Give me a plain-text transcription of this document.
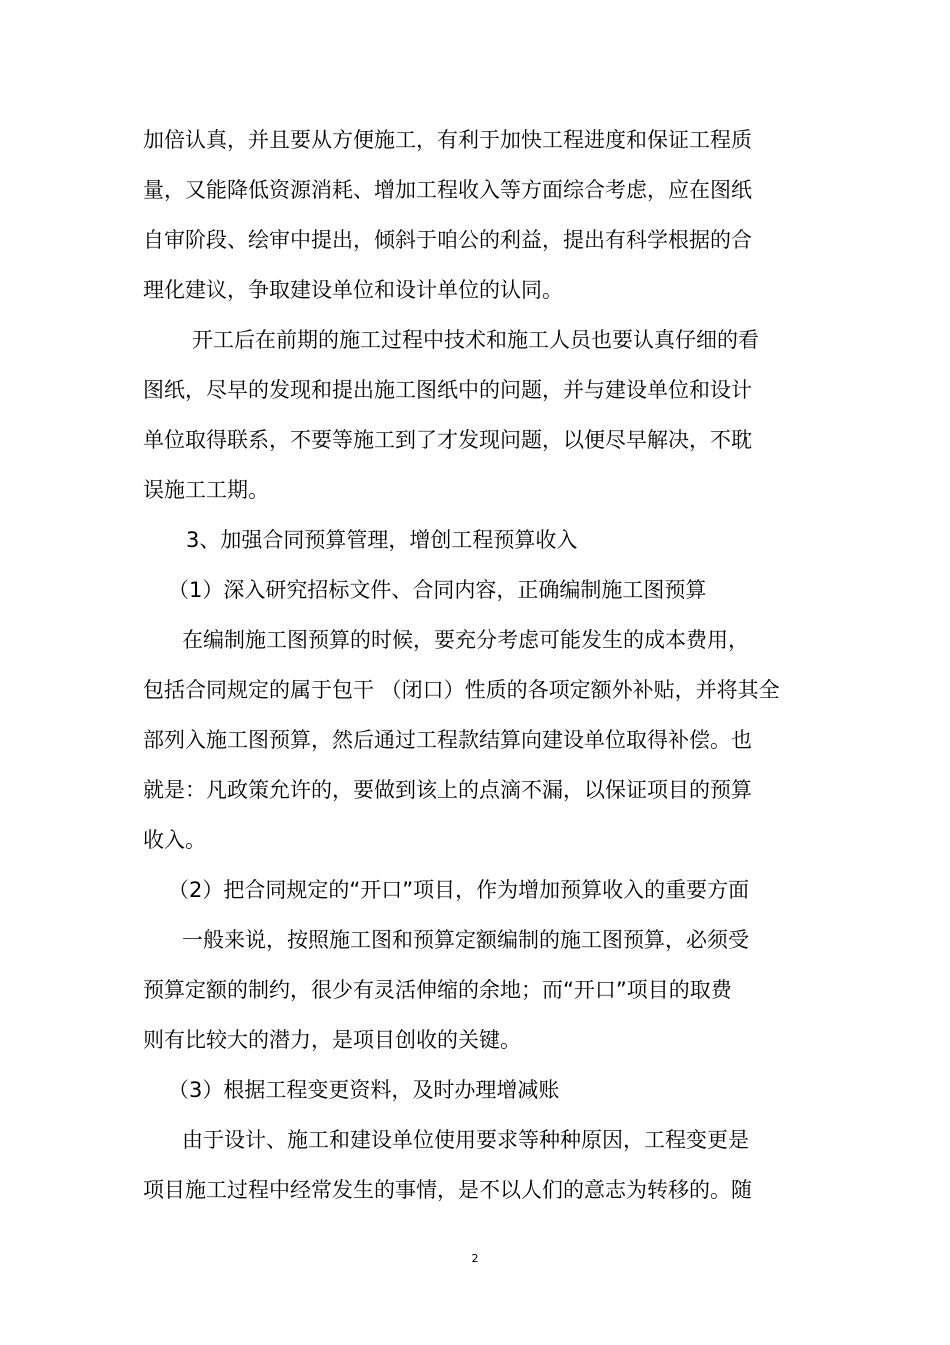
加倍认真，并且要从方便施工，有利于加快工程进度和保证工程质
量，又能降低资源消耗、增加工程收入等方面综合考虑，应在图纸
自审阶段、绘审中提出，倾斜于咱公的利益，提出有科学根据的合
理化建议，争取建设单位和设计单位的认同。
开工后在前期的施工过程中技术和施工人员也要认真仔细的看
图纸，尽早的发现和提出施工图纸中的问题，并与建设单位和设计
单位取得联系，不要等施工到了才发现问题，以便尽早解决，不耽
误施工工期。
3、加强合同预算管理，增创工程预算收入
（1）深入研究招标文件、合同内容，正确编制施工图预算
在编制施工图预算的时候，要充分考虑可能发生的成本费用，
包括合同规定的属于包干 （闭口）性质的各项定额外补贴，并将其全
部列入施工图预算，然后通过工程款结算向建设单位取得补偿。也
就是：凡政策允许的，要做到该上的点滴不漏，以保证项目的预算
收入。
（2）把合同规定的“开口”项目，作为增加预算收入的重要方面
一般来说，按照施工图和预算定额编制的施工图预算，必须受
预算定额的制约，很少有灵活伸缩的余地；而“开口”项目的取费
则有比较大的潜力，是项目创收的关键。
（3）根据工程变更资料，及时办理增减账
由于设计、施工和建设单位使用要求等种种原因，工程变更是
项目施工过程中经常发生的事情，是不以人们的意志为转移的。随
2
